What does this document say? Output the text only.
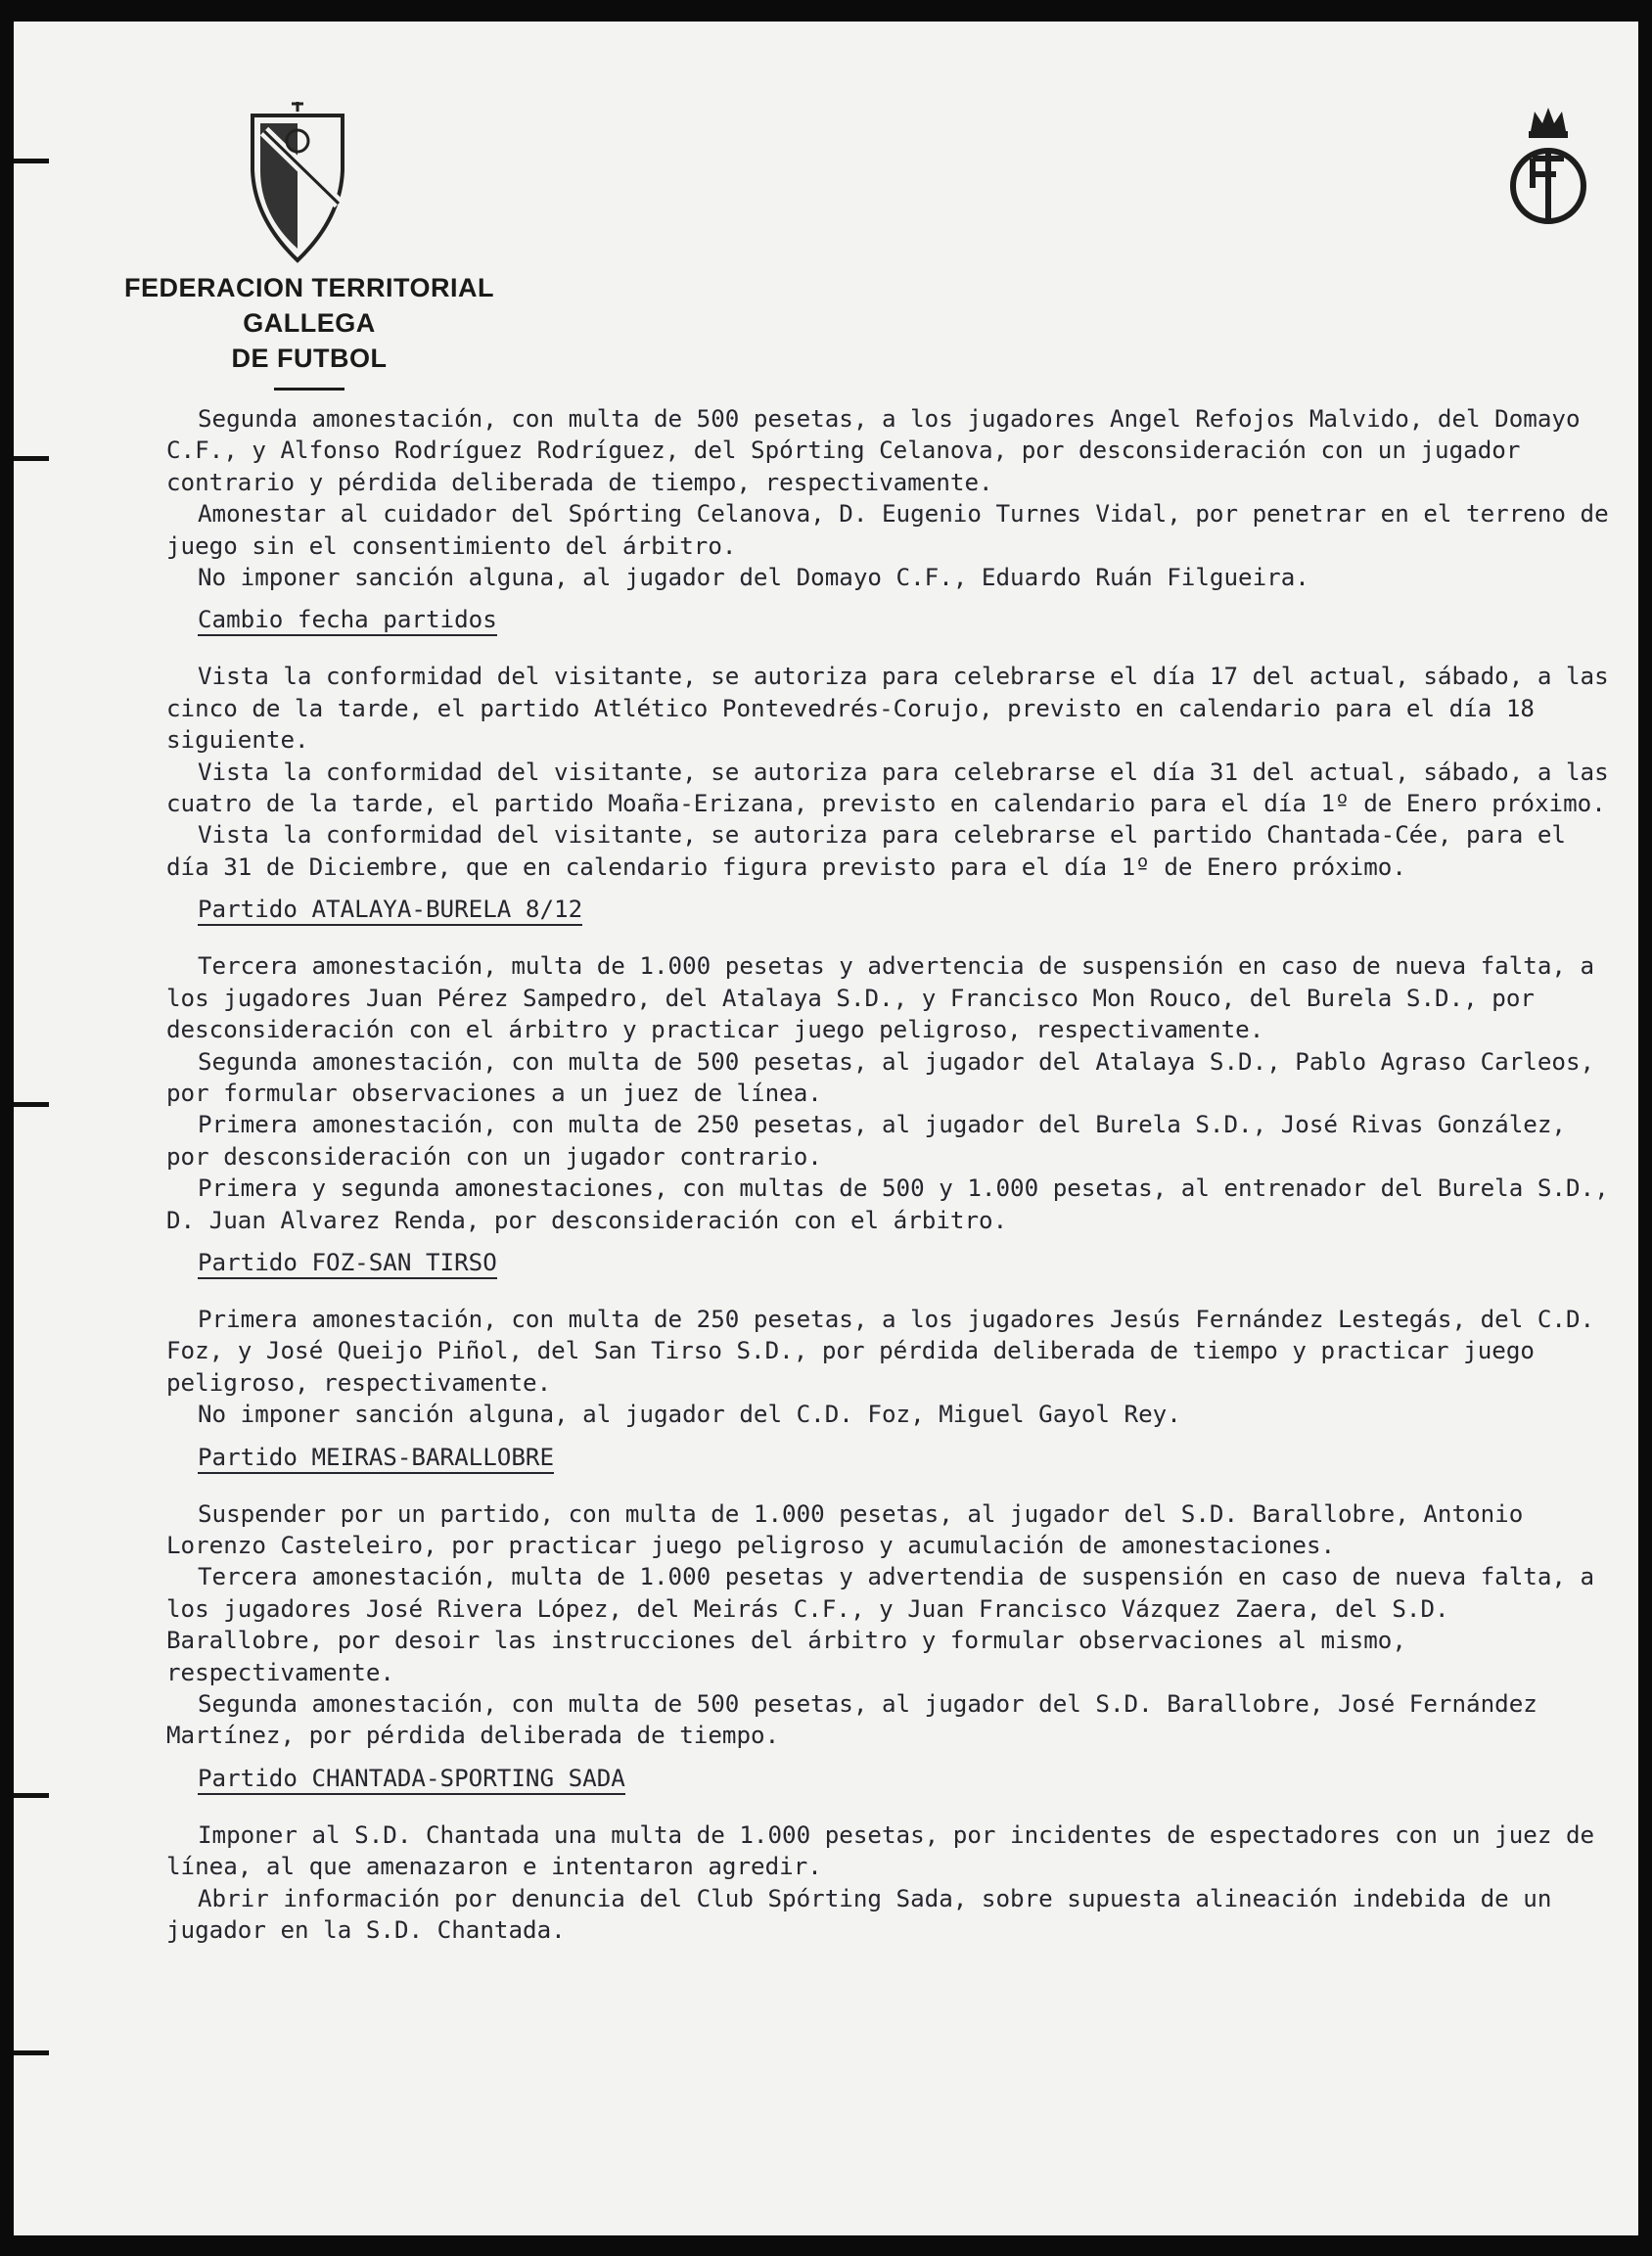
FEDERACION TERRITORIAL GALLEGA
DE FUTBOL

Segunda amonestación, con multa de 500 pesetas, a los jugadores Angel Refojos Malvido, del Domayo C.F., y Alfonso Rodríguez Rodríguez, del Spórting Celanova, por desconsideración con un jugador contrario y pérdida deliberada de tiempo, respectivamente.

Amonestar al cuidador del Spórting Celanova, D. Eugenio Turnes Vidal, por penetrar en el terreno de juego sin el consentimiento del árbitro.

No imponer sanción alguna, al jugador del Domayo C.F., Eduardo Ruán Filgueira.

Cambio fecha partidos

Vista la conformidad del visitante, se autoriza para celebrarse el día 17 del actual, sábado, a las cinco de la tarde, el partido Atlético Pontevedrés-Corujo, previsto en calendario para el día 18 siguiente.

Vista la conformidad del visitante, se autoriza para celebrarse el día 31 del actual, sábado, a las cuatro de la tarde, el partido Moaña-Erizana, previsto en calendario para el día 1º de Enero próximo.

Vista la conformidad del visitante, se autoriza para celebrarse el partido Chantada-Cée, para el día 31 de Diciembre, que en calendario figura previsto para el día 1º de Enero próximo.

Partido ATALAYA-BURELA 8/12

Tercera amonestación, multa de 1.000 pesetas y advertencia de suspensión en caso de nueva falta, a los jugadores Juan Pérez Sampedro, del Atalaya S.D., y Francisco Mon Rouco, del Burela S.D., por desconsideración con el árbitro y practicar juego peligroso, respectivamente.

Segunda amonestación, con multa de 500 pesetas, al jugador del Atalaya S.D., Pablo Agraso Carleos, por formular observaciones a un juez de línea.

Primera amonestación, con multa de 250 pesetas, al jugador del Burela S.D., José Rivas González, por desconsideración con un jugador contrario.

Primera y segunda amonestaciones, con multas de 500 y 1.000 pesetas, al entrenador del Burela S.D., D. Juan Alvarez Renda, por desconsideración con el árbitro.

Partido FOZ-SAN TIRSO

Primera amonestación, con multa de 250 pesetas, a los jugadores Jesús Fernández Lestegás, del C.D. Foz, y José Queijo Piñol, del San Tirso S.D., por pérdida deliberada de tiempo y practicar juego peligroso, respectivamente.

No imponer sanción alguna, al jugador del C.D. Foz, Miguel Gayol Rey.

Partido MEIRAS-BARALLOBRE

Suspender por un partido, con multa de 1.000 pesetas, al jugador del S.D. Barallobre, Antonio Lorenzo Casteleiro, por practicar juego peligroso y acumulación de amonestaciones.

Tercera amonestación, multa de 1.000 pesetas y advertendia de suspensión en caso de nueva falta, a los jugadores José Rivera López, del Meirás C.F., y Juan Francisco Vázquez Zaera, del S.D. Barallobre, por desoir las instrucciones del árbitro y formular observaciones al mismo, respectivamente.

Segunda amonestación, con multa de 500 pesetas, al jugador del S.D. Barallobre, José Fernández Martínez, por pérdida deliberada de tiempo.

Partido CHANTADA-SPORTING SADA

Imponer al S.D. Chantada una multa de 1.000 pesetas, por incidentes de espectadores con un juez de línea, al que amenazaron e intentaron agredir.

Abrir información por denuncia del Club Spórting Sada, sobre supuesta alineación indebida de un jugador en la S.D. Chantada.
